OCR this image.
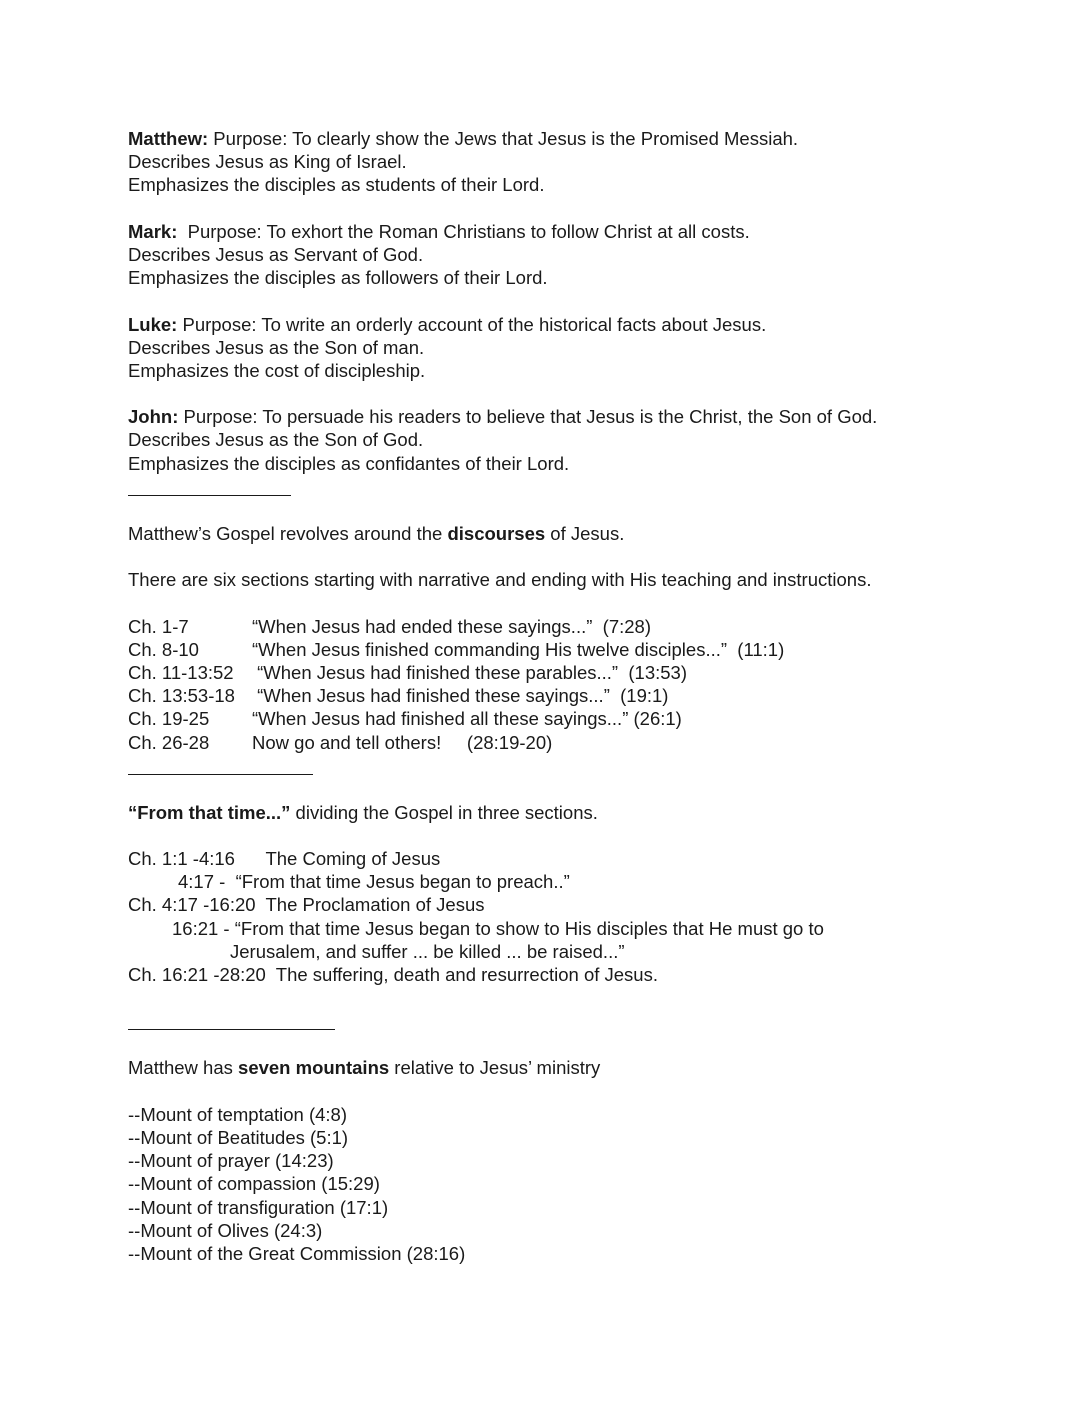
Matthew: Purpose: To clearly show the Jews that Jesus is the Promised Messiah.
Describes Jesus as King of Israel.
Emphasizes the disciples as students of their Lord.
Mark:  Purpose: To exhort the Roman Christians to follow Christ at all costs.
Describes Jesus as Servant of God.
Emphasizes the disciples as followers of their Lord.
Luke: Purpose: To write an orderly account of the historical facts about Jesus.
Describes Jesus as the Son of man.
Emphasizes the cost of discipleship.
John: Purpose: To persuade his readers to believe that Jesus is the Christ, the Son of God.
Describes Jesus as the Son of God.
Emphasizes the disciples as confidantes of their Lord.
Matthew’s Gospel revolves around the discourses of Jesus.
There are six sections starting with narrative and ending with His teaching and instructions.
Ch. 1-7	“When Jesus had ended these sayings...”  (7:28)
Ch. 8-10	“When Jesus finished commanding His twelve disciples...”  (11:1)
Ch. 11-13:52 “When Jesus had finished these parables...”  (13:53)
Ch. 13:53-18 “When Jesus had finished these sayings...”  (19:1)
Ch. 19-25 “When Jesus had finished all these sayings...” (26:1)
Ch. 26-28 Now go and tell others!     (28:19-20)
“From that time...” dividing the Gospel in three sections.
Ch. 1:1 -4:16      The Coming of Jesus
4:17 -  “From that time Jesus began to preach..”
Ch. 4:17 -16:20  The Proclamation of Jesus
16:21 - “From that time Jesus began to show to His disciples that He must go to
Jerusalem, and suffer ... be killed ... be raised...”
Ch. 16:21 -28:20  The suffering, death and resurrection of Jesus.
Matthew has seven mountains relative to Jesus’ ministry
--Mount of temptation (4:8)
--Mount of Beatitudes (5:1)
--Mount of prayer (14:23)
--Mount of compassion (15:29)
--Mount of transfiguration (17:1)
--Mount of Olives (24:3)
--Mount of the Great Commission (28:16)
